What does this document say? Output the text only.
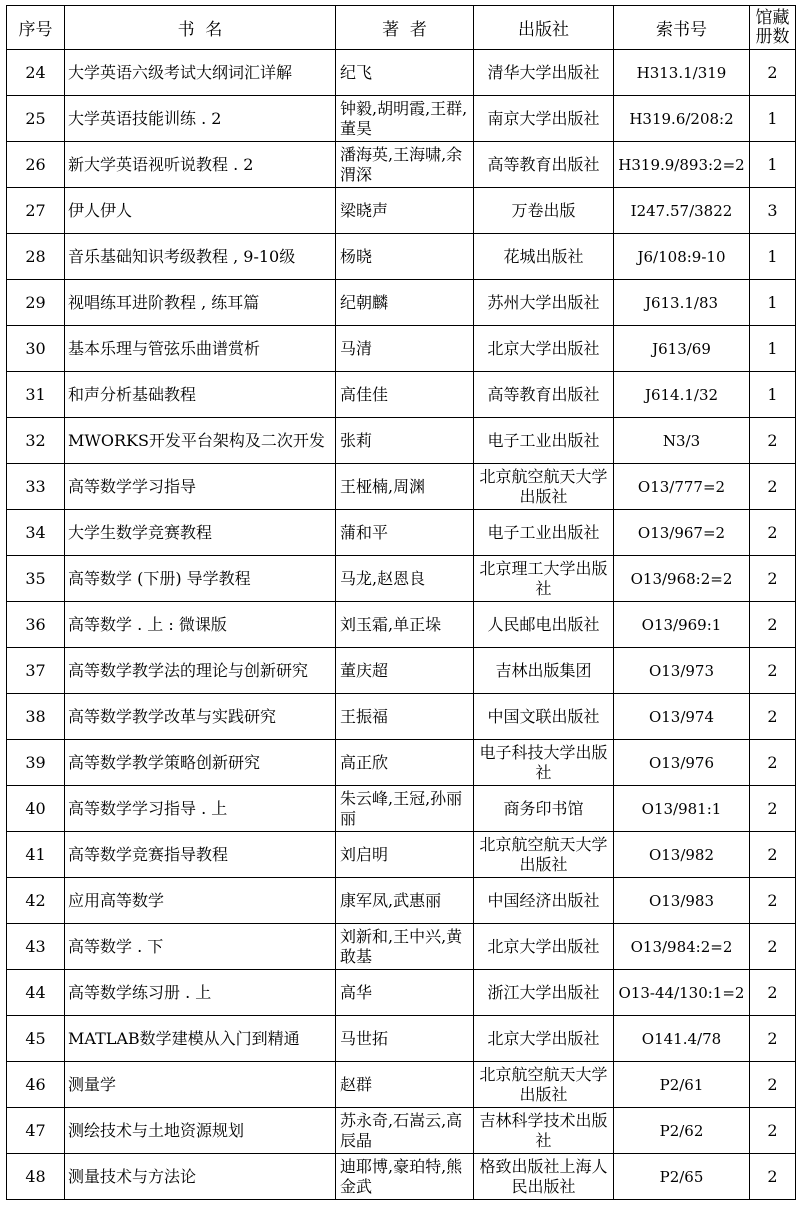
序号	书  名	著  者	出版社	索书号	馆藏册数

24	大学英语六级考试大纲词汇详解	纪飞	清华大学出版社	H313.1/319	2

25	大学英语技能训练 . 2	钟毅,胡明霞,王群,董昊	南京大学出版社	H319.6/208:2	1

26	新大学英语视听说教程 . 2	潘海英,王海啸,余渭深	高等教育出版社	H319.9/893:2=2	1

27	伊人伊人	梁晓声	万卷出版	I247.57/3822	3

28	音乐基础知识考级教程 , 9-10级	杨晓	花城出版社	J6/108:9-10	1

29	视唱练耳进阶教程 , 练耳篇	纪朝麟	苏州大学出版社	J613.1/83	1

30	基本乐理与管弦乐曲谱赏析	马清	北京大学出版社	J613/69	1

31	和声分析基础教程	高佳佳	高等教育出版社	J614.1/32	1

32	MWORKS开发平台架构及二次开发	张莉	电子工业出版社	N3/3	2

33	高等数学学习指导	王桠楠,周渊	北京航空航天大学出版社	O13/777=2	2

34	大学生数学竞赛教程	蒲和平	电子工业出版社	O13/967=2	2

35	高等数学 (下册) 导学教程	马龙,赵恩良	北京理工大学出版社	O13/968:2=2	2

36	高等数学 . 上 : 微课版	刘玉霜,单正垛	人民邮电出版社	O13/969:1	2

37	高等数学教学法的理论与创新研究	董庆超	吉林出版集团	O13/973	2

38	高等数学教学改革与实践研究	王振福	中国文联出版社	O13/974	2

39	高等数学教学策略创新研究	高正欣	电子科技大学出版社	O13/976	2

40	高等数学学习指导 . 上	朱云峰,王冠,孙丽丽	商务印书馆	O13/981:1	2

41	高等数学竞赛指导教程	刘启明	北京航空航天大学出版社	O13/982	2

42	应用高等数学	康军凤,武惠丽	中国经济出版社	O13/983	2

43	高等数学 . 下	刘新和,王中兴,黄敢基	北京大学出版社	O13/984:2=2	2

44	高等数学练习册 . 上	高华	浙江大学出版社	O13-44/130:1=2	2

45	MATLAB数学建模从入门到精通	马世拓	北京大学出版社	O141.4/78	2

46	测量学	赵群	北京航空航天大学出版社	P2/61	2

47	测绘技术与土地资源规划	苏永奇,石嵩云,高辰晶	吉林科学技术出版社	P2/62	2

48	测量技术与方法论	迪耶博,豪珀特,熊金武	格致出版社上海人民出版社	P2/65	2
